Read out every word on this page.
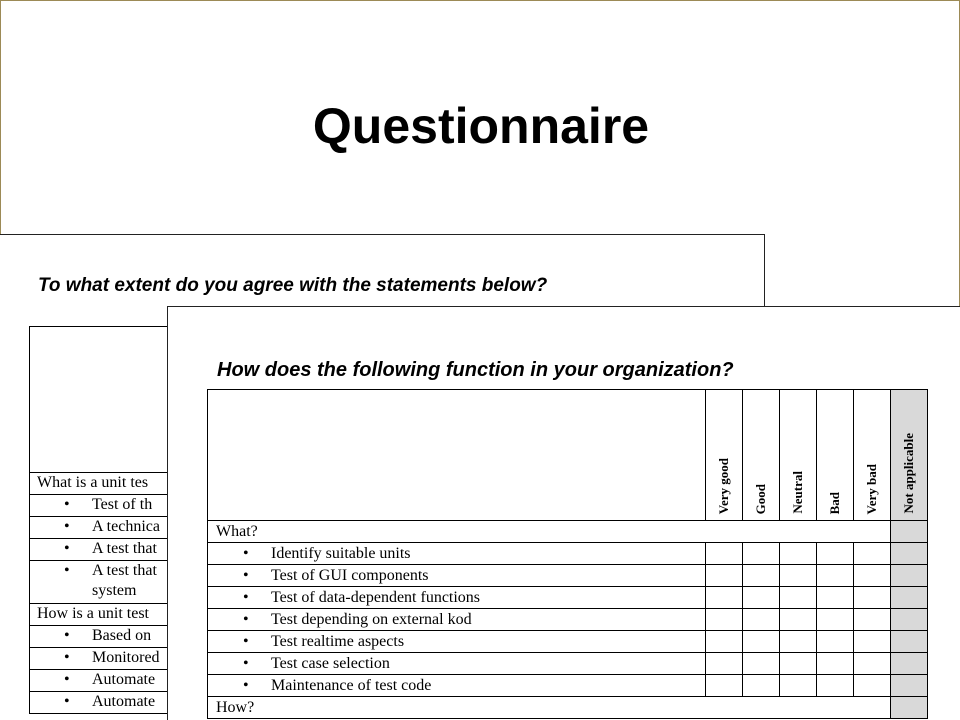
Questionnaire
To what extent do you agree with the statements below?

What is a unit tes
• Test of th
• A technica
• A test that
• A test that
system

How is a unit test
• Based on
• Monitored
• Automate
• Automate
How does the following function in your organization?
	Very good	Good	Neutral	Bad	Very bad	Not applicable
What?						
• Identify suitable units						
• Test of GUI components						
• Test of data-dependent functions						
• Test depending on external kod						
• Test realtime aspects						
• Test case selection						
• Maintenance of test code						
How?						
